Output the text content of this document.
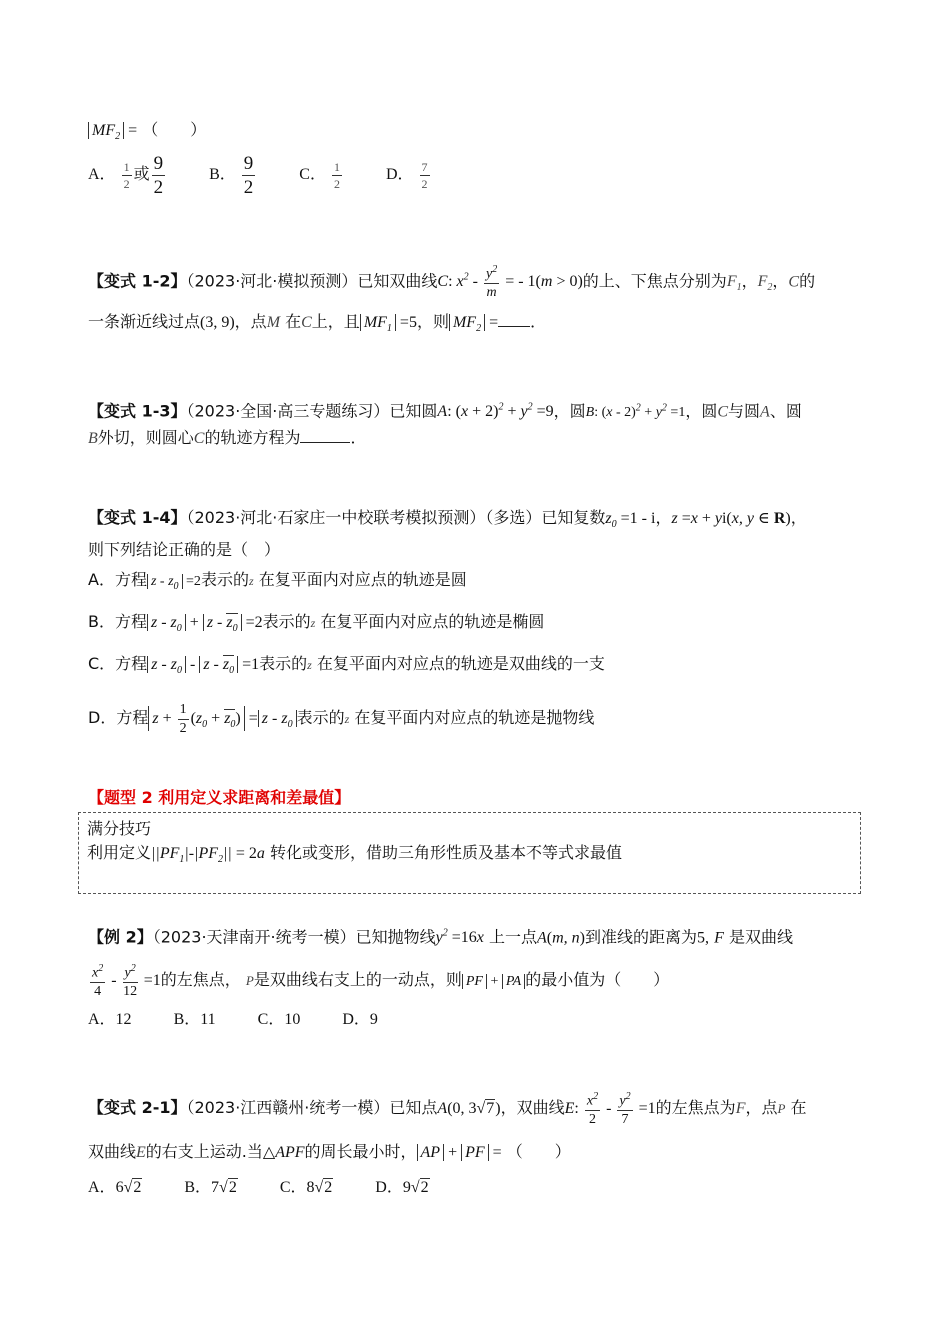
$MF_2$ = （　　）
A． $\frac{1}{2}$ 或 $\frac{9}{2}$	B． $\frac{9}{2}$	C． $\frac{1}{2}$	D． $\frac{7}{2}$
【变式 1-2】（2023·河北·模拟预测）已知双曲线C: $x^2 - \frac{y^2}{m}$ = - 1(m > 0)的上、下焦点分别为$F_1$，$F_2$，C的
一条渐近线过点(3, 9)，点M 在C上，且 $MF_1 =5$，则 $MF_2$ = ．
【变式 1-3】（2023·全国·高三专题练习）已知圆A: $(x + 2)^2 + y^2 =9$，圆B: $(x - 2)^2 + y^2 =1$，圆C与圆A、圆
B外切，则圆心C的轨迹方程为	．
【变式 1-4】（2023·河北·石家庄一中校联考模拟预测）（多选）已知复数$z_0 =1 - i$，z =x + yi(x, y ∈ R)，
则下列结论正确的是（　）
A．方程 $z - z_0 =2$表示的z 在复平面内对应点的轨迹是圆
B．方程 $z - z_0 + z - z_0 =2$表示的z 在复平面内对应点的轨迹是椭圆
C．方程 $z - z_0 - z - z_0 =1$表示的z 在复平面内对应点的轨迹是双曲线的一支
D．方程 $z + \frac{1}{2} (z_0 + z_0) = z - z_0$ 表示的z 在复平面内对应点的轨迹是抛物线
【题型 2 利用定义求距离和差最值】
满分技巧
利用定义$||PF_1|-|PF_2|| = 2a$ 转化或变形，借助三角形性质及基本不等式求最值
【例 2】（2023·天津南开·统考一模）已知抛物线$y^2 =16x$ 上一点A(m, n)到准线的距离为5, F 是双曲线
$\frac{x^2}{4} - \frac{y^2}{12} =1$的左焦点， P是双曲线右支上的一动点，则 PF + PA 的最小值为（　　）
A．12	B．11	C．10	D．9
【变式 2-1】（2023·江西赣州·统考一模）已知点A(0, 3√7)，双曲线E: $\frac{x^2}{2} - \frac{y^2}{7} =1$的左焦点为F，点P 在
双曲线E的右支上运动.当△APF的周长最小时， AP + PF = （　　）
A．6√2	B．7√2	C．8√2	D．9√2
